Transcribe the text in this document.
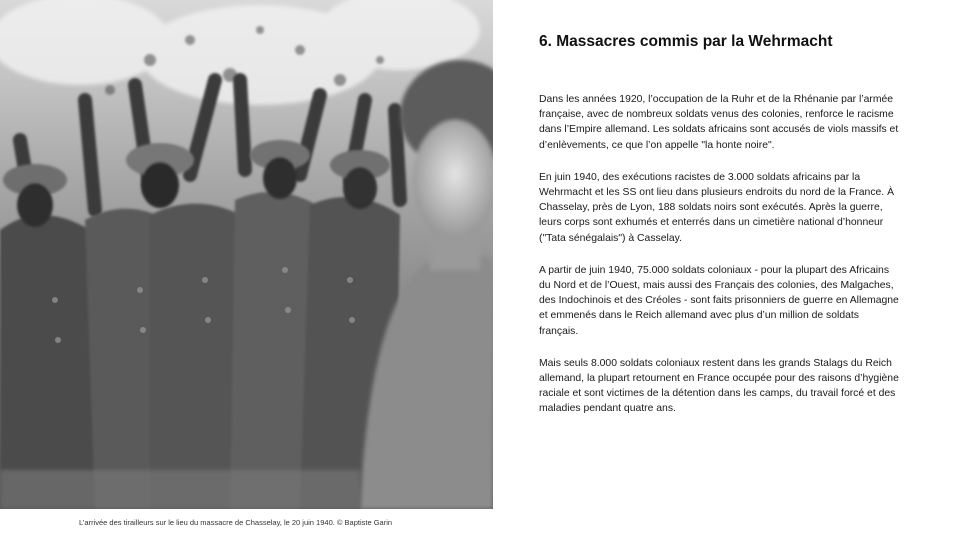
L’arrivée des tirailleurs sur le lieu du massacre de Chasselay, le 20 juin 1940. © Baptiste Garin
6. Massacres commis par la Wehrmacht

Dans les années 1920, l’occupation de la Ruhr et de la Rhénanie par l’armée française, avec de nombreux soldats venus des colonies, renforce le racisme dans l’Empire allemand. Les soldats africains sont accusés de viols massifs et d’enlèvements, ce que l’on appelle "la honte noire".

En juin 1940, des exécutions racistes de 3.000 soldats africains par la Wehrmacht et les SS ont lieu dans plusieurs endroits du nord de la France. À Chasselay, près de Lyon, 188 soldats noirs sont exécutés. Après la guerre, leurs corps sont exhumés et enterrés dans un cimetière national d’honneur ("Tata sénégalais") à Casselay.

A partir de juin 1940, 75.000 soldats coloniaux - pour la plupart des Africains du Nord et de l’Ouest, mais aussi des Français des colonies, des Malgaches, des Indochinois et des Créoles - sont faits prisonniers de guerre en Allemagne et emmenés dans le Reich allemand avec plus d’un million de soldats français.

Mais seuls 8.000 soldats coloniaux restent dans les grands Stalags du Reich allemand, la plupart retournent en France occupée pour des raisons d’hygiène raciale et sont victimes de la détention dans les camps, du travail forcé et des maladies pendant quatre ans.
